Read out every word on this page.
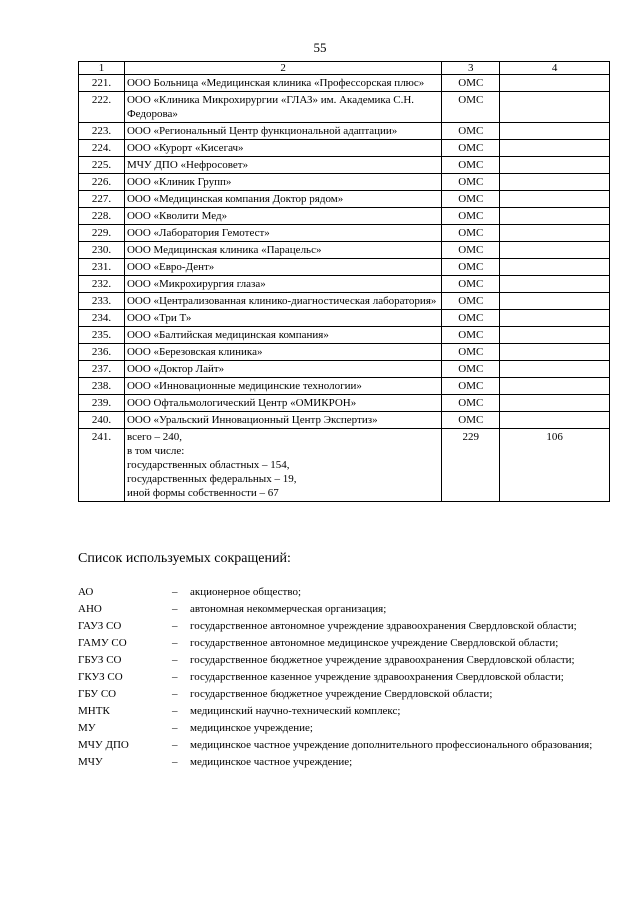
55
1	2	3	4
221.	ООО Больница «Медицинская клиника «Профессорская плюс»	ОМС	
222.	ООО «Клиника Микрохирургии «ГЛАЗ» им. Академика С.Н. Федорова»	ОМС	
223.	ООО «Региональный Центр функциональной адаптации»	ОМС	
224.	ООО «Курорт «Кисегач»	ОМС	
225.	МЧУ ДПО «Нефросовет»	ОМС	
226.	ООО «Клиник Групп»	ОМС	
227.	ООО «Медицинская компания Доктор рядом»	ОМС	
228.	ООО «Кволити Мед»	ОМС	
229.	ООО «Лаборатория Гемотест»	ОМС	
230.	ООО Медицинская клиника «Парацельс»	ОМС	
231.	ООО «Евро-Дент»	ОМС	
232.	ООО «Микрохирургия глаза»	ОМС	
233.	ООО «Централизованная клинико-диагностическая лаборатория»	ОМС	
234.	ООО «Три Т»	ОМС	
235.	ООО «Балтийская медицинская компания»	ОМС	
236.	ООО «Березовская клиника»	ОМС	
237.	ООО «Доктор Лайт»	ОМС	
238.	ООО «Инновационные медицинские технологии»	ОМС	
239.	ООО Офтальмологический Центр «ОМИКРОН»	ОМС	
240.	ООО «Уральский Инновационный Центр Экспертиз»	ОМС	
241.	всего – 240,
в том числе:
государственных областных – 154,
государственных федеральных – 19,
иной формы собственности – 67	229	106
Список используемых сокращений:
АО	–	акционерное общество;
АНО	–	автономная некоммерческая организация;
ГАУЗ СО	–	государственное автономное учреждение здравоохранения Свердловской области;
ГАМУ СО	–	государственное автономное медицинское учреждение Свердловской области;
ГБУЗ СО	–	государственное бюджетное учреждение здравоохранения Свердловской области;
ГКУЗ СО	–	государственное казенное учреждение здравоохранения Свердловской области;
ГБУ СО	–	государственное бюджетное учреждение Свердловской области;
МНТК	–	медицинский научно-технический комплекс;
МУ	–	медицинское учреждение;
МЧУ ДПО	–	медицинское частное учреждение дополнительного профессионального образования;
МЧУ	–	медицинское частное учреждение;
